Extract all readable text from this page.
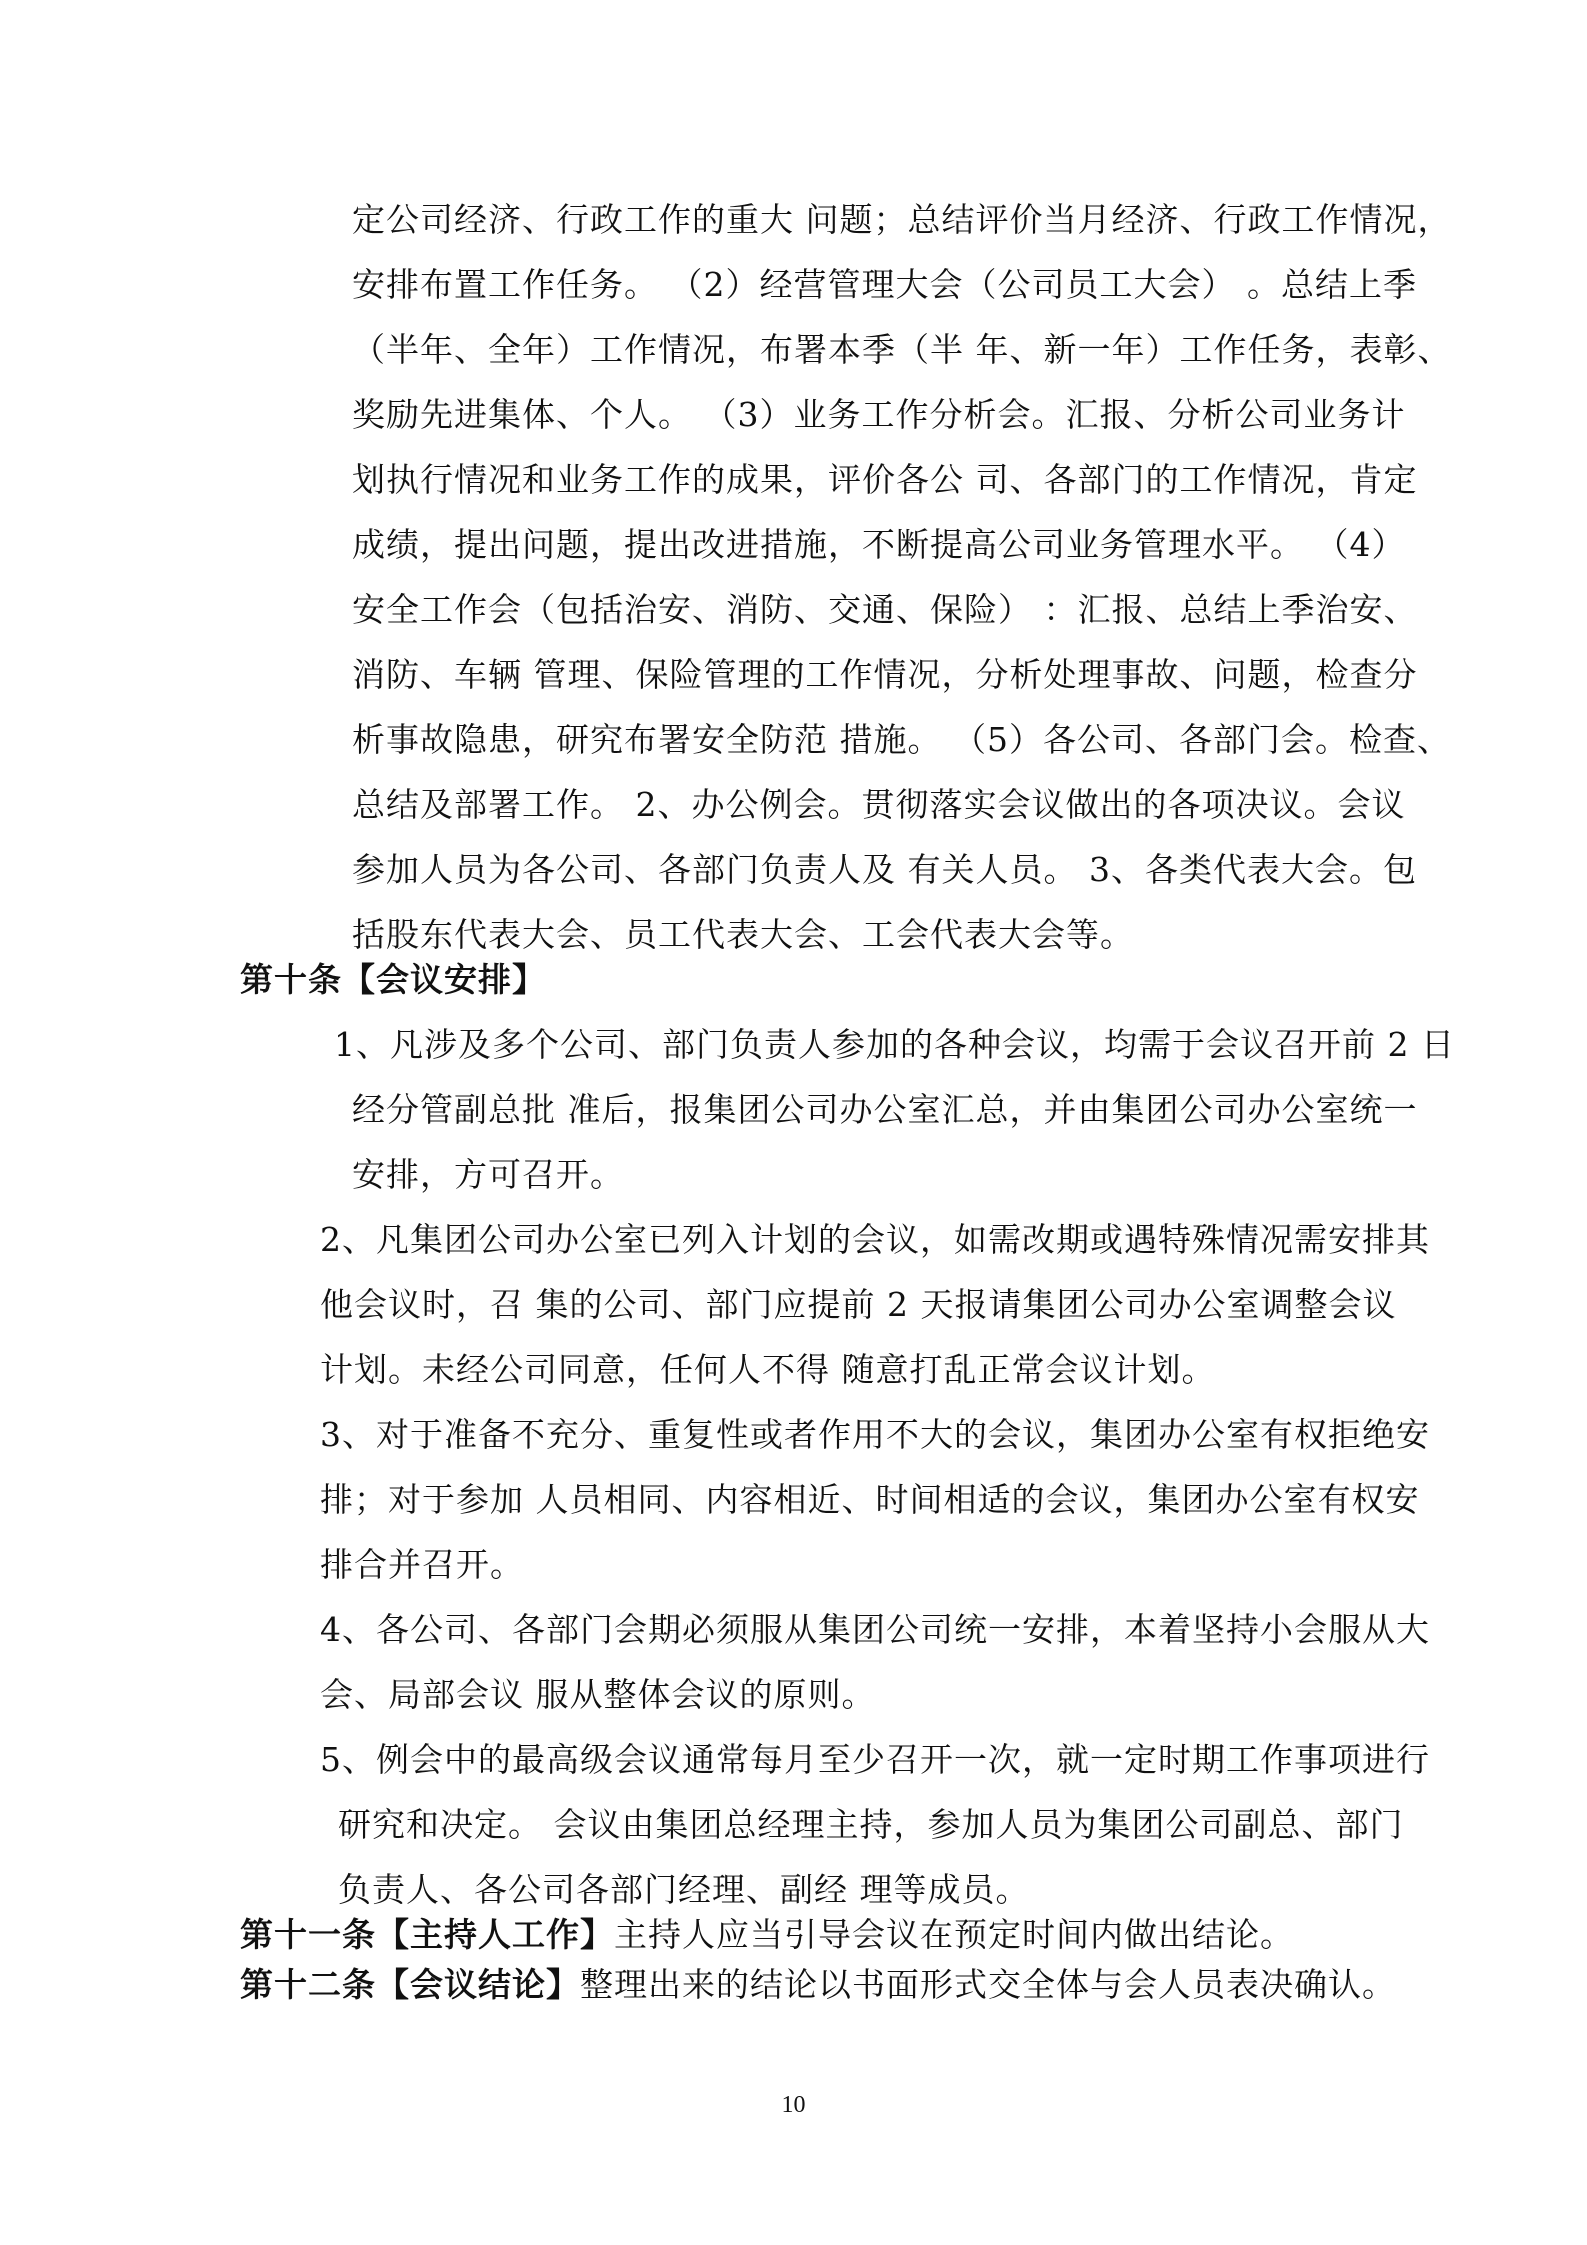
定公司经济、行政工作的重大 问题；总结评价当月经济、行政工作情况，
安排布置工作任务。 （2）经营管理大会（公司员工大会） 。总结上季
（半年、全年）工作情况，布署本季（半 年、新一年）工作任务，表彰、
奖励先进集体、个人。 （3）业务工作分析会。汇报、分析公司业务计
划执行情况和业务工作的成果，评价各公 司、各部门的工作情况，肯定
成绩，提出问题，提出改进措施，不断提高公司业务管理水平。 （4）
安全工作会（包括治安、消防、交通、保险） ：汇报、总结上季治安、
消防、车辆 管理、保险管理的工作情况，分析处理事故、问题，检查分
析事故隐患，研究布署安全防范 措施。 （5）各公司、各部门会。检查、
总结及部署工作。 2、办公例会。贯彻落实会议做出的各项决议。会议
参加人员为各公司、各部门负责人及 有关人员。 3、各类代表大会。包
括股东代表大会、员工代表大会、工会代表大会等。
第十条【会议安排】
1、凡涉及多个公司、部门负责人参加的各种会议，均需于会议召开前 2 日
经分管副总批 准后，报集团公司办公室汇总，并由集团公司办公室统一
安排，方可召开。
2、凡集团公司办公室已列入计划的会议，如需改期或遇特殊情况需安排其
他会议时，召 集的公司、部门应提前 2 天报请集团公司办公室调整会议
计划。未经公司同意，任何人不得 随意打乱正常会议计划。
3、对于准备不充分、重复性或者作用不大的会议，集团办公室有权拒绝安
排；对于参加 人员相同、内容相近、时间相适的会议，集团办公室有权安
排合并召开。
4、各公司、各部门会期必须服从集团公司统一安排，本着坚持小会服从大
会、局部会议 服从整体会议的原则。
5、例会中的最高级会议通常每月至少召开一次，就一定时期工作事项进行
研究和决定。 会议由集团总经理主持，参加人员为集团公司副总、部门
负责人、各公司各部门经理、副经 理等成员。
第十一条【主持人工作】主持人应当引导会议在预定时间内做出结论。
第十二条【会议结论】整理出来的结论以书面形式交全体与会人员表决确认。
10
